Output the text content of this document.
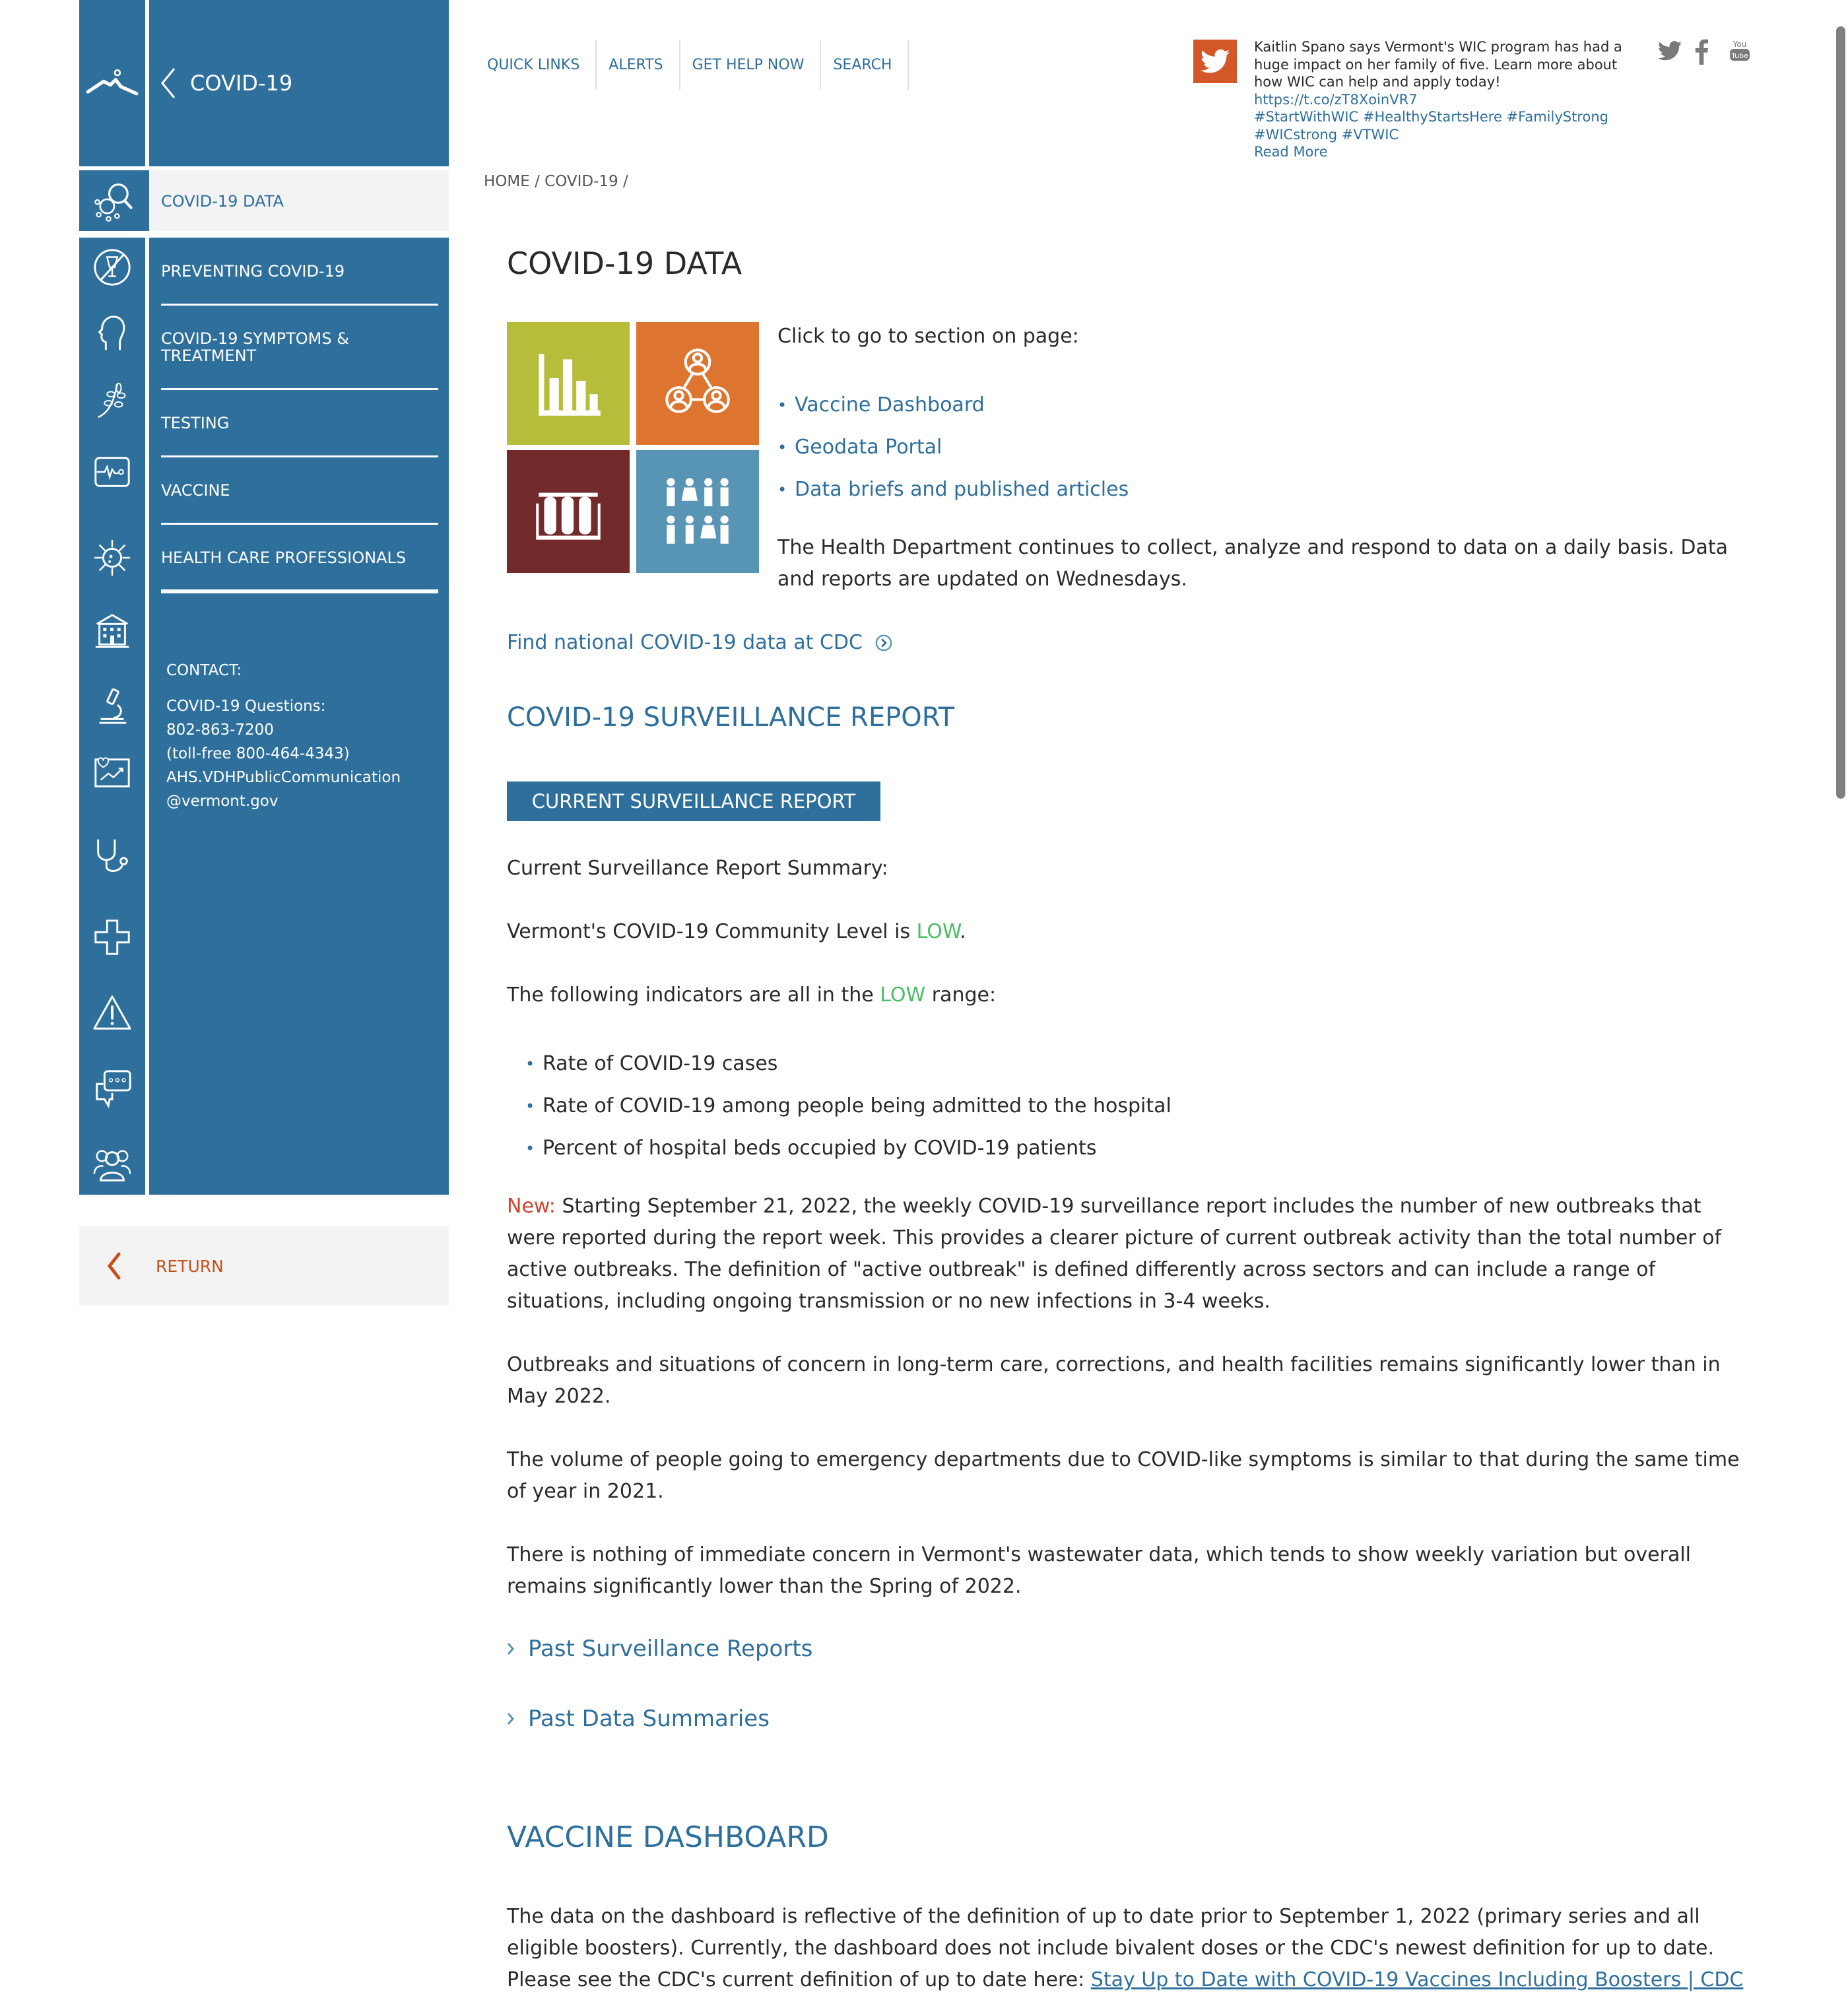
COVID-19
COVID-19 DATA
PREVENTING COVID-19
COVID-19 SYMPTOMS & TREATMENT
TESTING
VACCINE
HEALTH CARE PROFESSIONALS
CONTACT:
COVID-19 Questions:
802-863-7200
(toll-free 800-464-4343)
AHS.VDHPublicCommunication
@vermont.gov
RETURN
QUICK LINKS	ALERTS	GET HELP NOW	SEARCH
HOME / COVID-19 /
Kaitlin Spano says Vermont's WIC program has had a huge impact on her family of five. Learn more about how WIC can help and apply today! https://t.co/zT8XoinVR7
#StartWithWIC #HealthyStartsHere #FamilyStrong #WICstrong #VTWIC
Read More
You
Tube
COVID-19 DATA
Click to go to section on page:
• Vaccine Dashboard
• Geodata Portal
• Data briefs and published articles
The Health Department continues to collect, analyze and respond to data on a daily basis. Data and reports are updated on Wednesdays.
Find national COVID-19 data at CDC
COVID-19 SURVEILLANCE REPORT
CURRENT SURVEILLANCE REPORT
Current Surveillance Report Summary:
Vermont's COVID-19 Community Level is LOW.
The following indicators are all in the LOW range:
• Rate of COVID-19 cases
• Rate of COVID-19 among people being admitted to the hospital
• Percent of hospital beds occupied by COVID-19 patients
New: Starting September 21, 2022, the weekly COVID-19 surveillance report includes the number of new outbreaks that were reported during the report week. This provides a clearer picture of current outbreak activity than the total number of active outbreaks. The definition of "active outbreak" is defined differently across sectors and can include a range of situations, including ongoing transmission or no new infections in 3-4 weeks.
Outbreaks and situations of concern in long-term care, corrections, and health facilities remains significantly lower than in May 2022.
The volume of people going to emergency departments due to COVID-like symptoms is similar to that during the same time of year in 2021.
There is nothing of immediate concern in Vermont's wastewater data, which tends to show weekly variation but overall remains significantly lower than the Spring of 2022.
Past Surveillance Reports
Past Data Summaries
VACCINE DASHBOARD
The data on the dashboard is reflective of the definition of up to date prior to September 1, 2022 (primary series and all eligible boosters). Currently, the dashboard does not include bivalent doses or the CDC's newest definition for up to date. Please see the CDC's current definition of up to date here: Stay Up to Date with COVID-19 Vaccines Including Boosters | CDC
